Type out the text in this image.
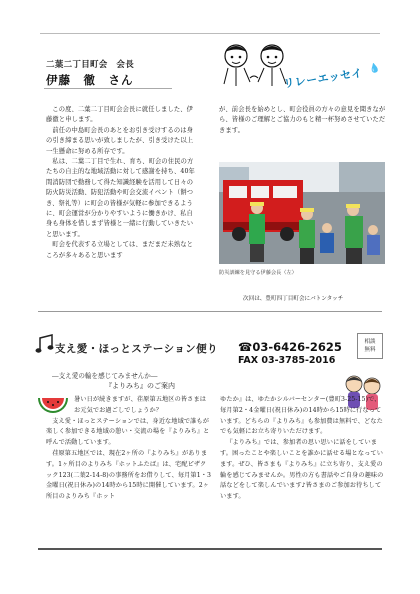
二葉二丁目町会　会長
伊藤　徹　さん	リレーエッセイ 💧

この度、二葉二丁目町会会長に就任しました、伊藤徹と申します。

前任の中島町会長のあとをお引き受けするのは身の引き締まる思いが致しましたが、引き受けた以上一生懸命に努める所存です。

私は、二葉二丁目で生れ、育ち、町会の住民の方たちの自主的な地域活動に対して感謝を持ち、40年間消防団で勤務して得た知識経験を活用して日々の防火防災活動、防犯活動や町会交流イベント（餅つき、祭礼等）に町会の皆様が気軽に参加できるように、町会運営が分かりやすいように働きかけ、私自身も身体を惜しまず皆様と一緒に行動していきたいと思います。

町会を代表する立場としては、まだまだ未熟なところが多々あると思います

が、前会長を始めとし、町会役員の方々の意見を聞きながら、皆様のご理解とご協力のもと精一杯努めさせていただきます。

防災訓練を見守る伊藤会長（左）
次回は、豊町四丁目町会にバトンタッチ
支え愛・ほっとステーション便り ☎03-6426-2625
FAX 03-3785-2016
相談
無料
―支え愛の輪を感じてみませんか―
『よりみち』のご案内

暑い日が続きますが、荏原第五地区の皆さまはお元気でお過ごしでしょうか？

支え愛・ほっとステーションでは、身近な地域で誰もが楽しく参加できる地域の憩い・交流の場を『よりみち』と呼んで活動しています。

荏原第五地区では、現在2ヶ所の『よりみち』があります。1ヶ所目のよりみち『ホットふたば』は、宅配ピザクック123(二葉2-14-8)の事務所をお借りして、毎月第1・3金曜日(祝日休み)の14時から15時に開催しています。2ヶ所目のよりみち『ホット

ゆたか』は、ゆたかシルバーセンター(豊町3-25-15)で、毎月第2・4金曜日(祝日休み)の14時から15時に行なっています。どちらの『よりみち』も参加費は無料で、どなたでも気軽にお立ち寄りいただけます。

『よりみち』では、参加者の思い思いに話をしています。困ったことや楽しいことを誰かに話せる場となっています。ぜひ、皆さまも『よりみち』に立ち寄り、支え愛の輪を感じてみませんか。男性の方も書話やご自身の趣味の話などをして楽しんでいます♪皆さまのご参加お待ちしています。
